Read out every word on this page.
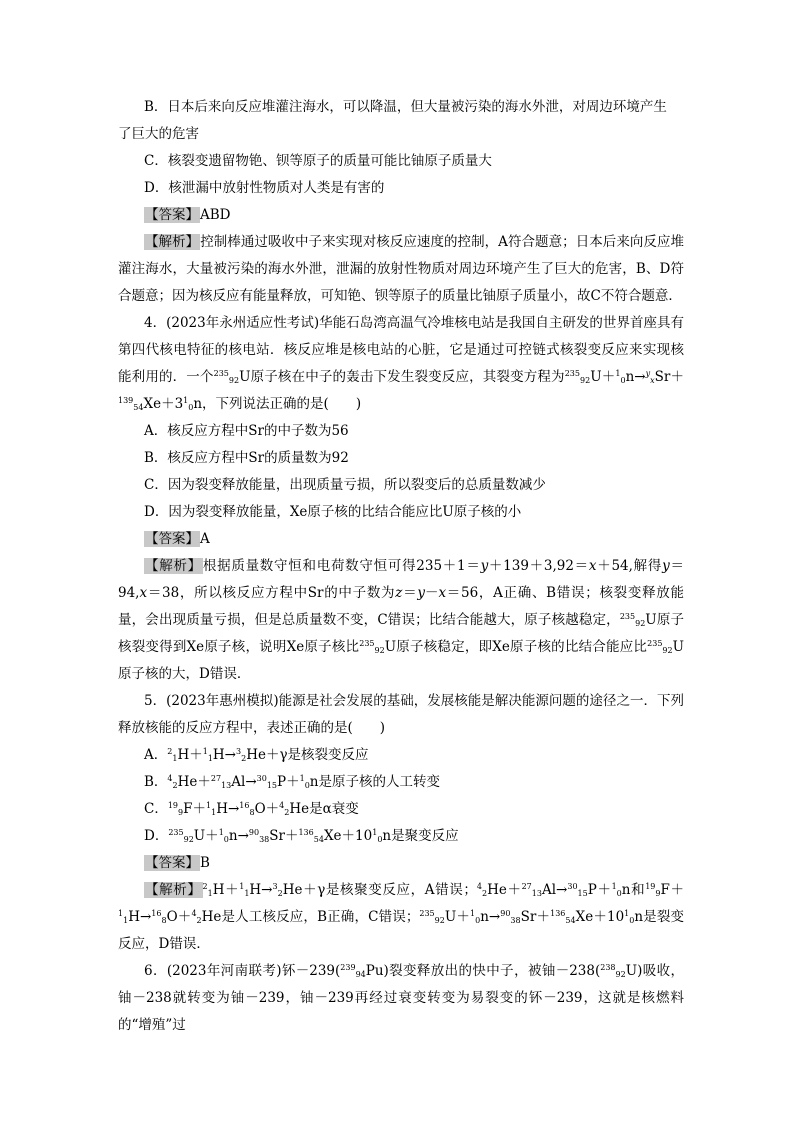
B．日本后来向反应堆灌注海水，可以降温，但大量被污染的海水外泄，对周边环境产生

了巨大的危害

C．核裂变遗留物铯、钡等原子的质量可能比铀原子质量大

D．核泄漏中放射性物质对人类是有害的

【答案】ABD

【解析】控制棒通过吸收中子来实现对核反应速度的控制，A符合题意；日本后来向反应堆灌注海水，大量被污染的海水外泄，泄漏的放射性物质对周边环境产生了巨大的危害，B、D符合题意；因为核反应有能量释放，可知铯、钡等原子的质量比铀原子质量小，故C不符合题意．

4．(2023年永州适应性考试)华能石岛湾高温气冷堆核电站是我国自主研发的世界首座具有第四代核电特征的核电站．核反应堆是核电站的心脏，它是通过可控链式核裂变反应来实现核能利用的．一个$^{235}_{92}$U原子核在中子的轰击下发生裂变反应，其裂变方程为$^{235}_{92}U+^1_0n\to^y_xSr+^{139}_{54}Xe+3^1_0n$，下列说法正确的是(　　)

A．核反应方程中Sr的中子数为56

B．核反应方程中Sr的质量数为92

C．因为裂变释放能量，出现质量亏损，所以裂变后的总质量数减少

D．因为裂变释放能量，Xe原子核的比结合能应比U原子核的小

【答案】A

【解析】根据质量数守恒和电荷数守恒可得235＋1＝y＋139＋3,92＝x＋54,解得y＝94,x＝38，所以核反应方程中Sr的中子数为z＝y－x＝56，A正确、B错误；核裂变释放能量，会出现质量亏损，但是总质量数不变，C错误；比结合能越大，原子核越稳定，$^{235}_{92}$U原子核裂变得到Xe原子核，说明Xe原子核比$^{235}_{92}$U原子核稳定，即Xe原子核的比结合能应比$^{235}_{92}$U原子核的大，D错误．

5．(2023年惠州模拟)能源是社会发展的基础，发展核能是解决能源问题的途径之一．下列释放核能的反应方程中，表述正确的是(　　)

A．$^2_1$H＋$^1_1$H→$^3_2$He＋γ是核裂变反应

B．$^4_2$He＋$^{27}_{13}$Al→$^{30}_{15}$P＋$^1_0$n是原子核的人工转变

C．$^{19}_9$F＋$^1_1$H→$^{16}_8$O＋$^4_2$He是α衰变

D．$^{235}_{92}U+^1_0n\to^{90}_{38}Sr+^{136}_{54}Xe+10^1_0n$是聚变反应

【答案】B

【解析】$^2_1$H＋$^1_1$H→$^3_2$He＋γ是核聚变反应，A错误；$^4_2$He＋$^{27}_{13}$Al→$^{30}_{15}$P＋$^1_0$n和$^{19}_9$F＋$^1_1$H→$^{16}_8$O＋$^4_2$He是人工核反应，B正确，C错误；$^{235}_{92}U+^1_0n\to^{90}_{38}Sr+^{136}_{54}Xe+10^1_0n$是裂变反应，D错误．

6．(2023年河南联考)钚－239($^{239}_{94}$Pu)裂变释放出的快中子，被铀－238($^{238}_{92}$U)吸收，铀－238就转变为铀－239，铀－239再经过衰变转变为易裂变的钚－239，这就是核燃料的“增殖”过
